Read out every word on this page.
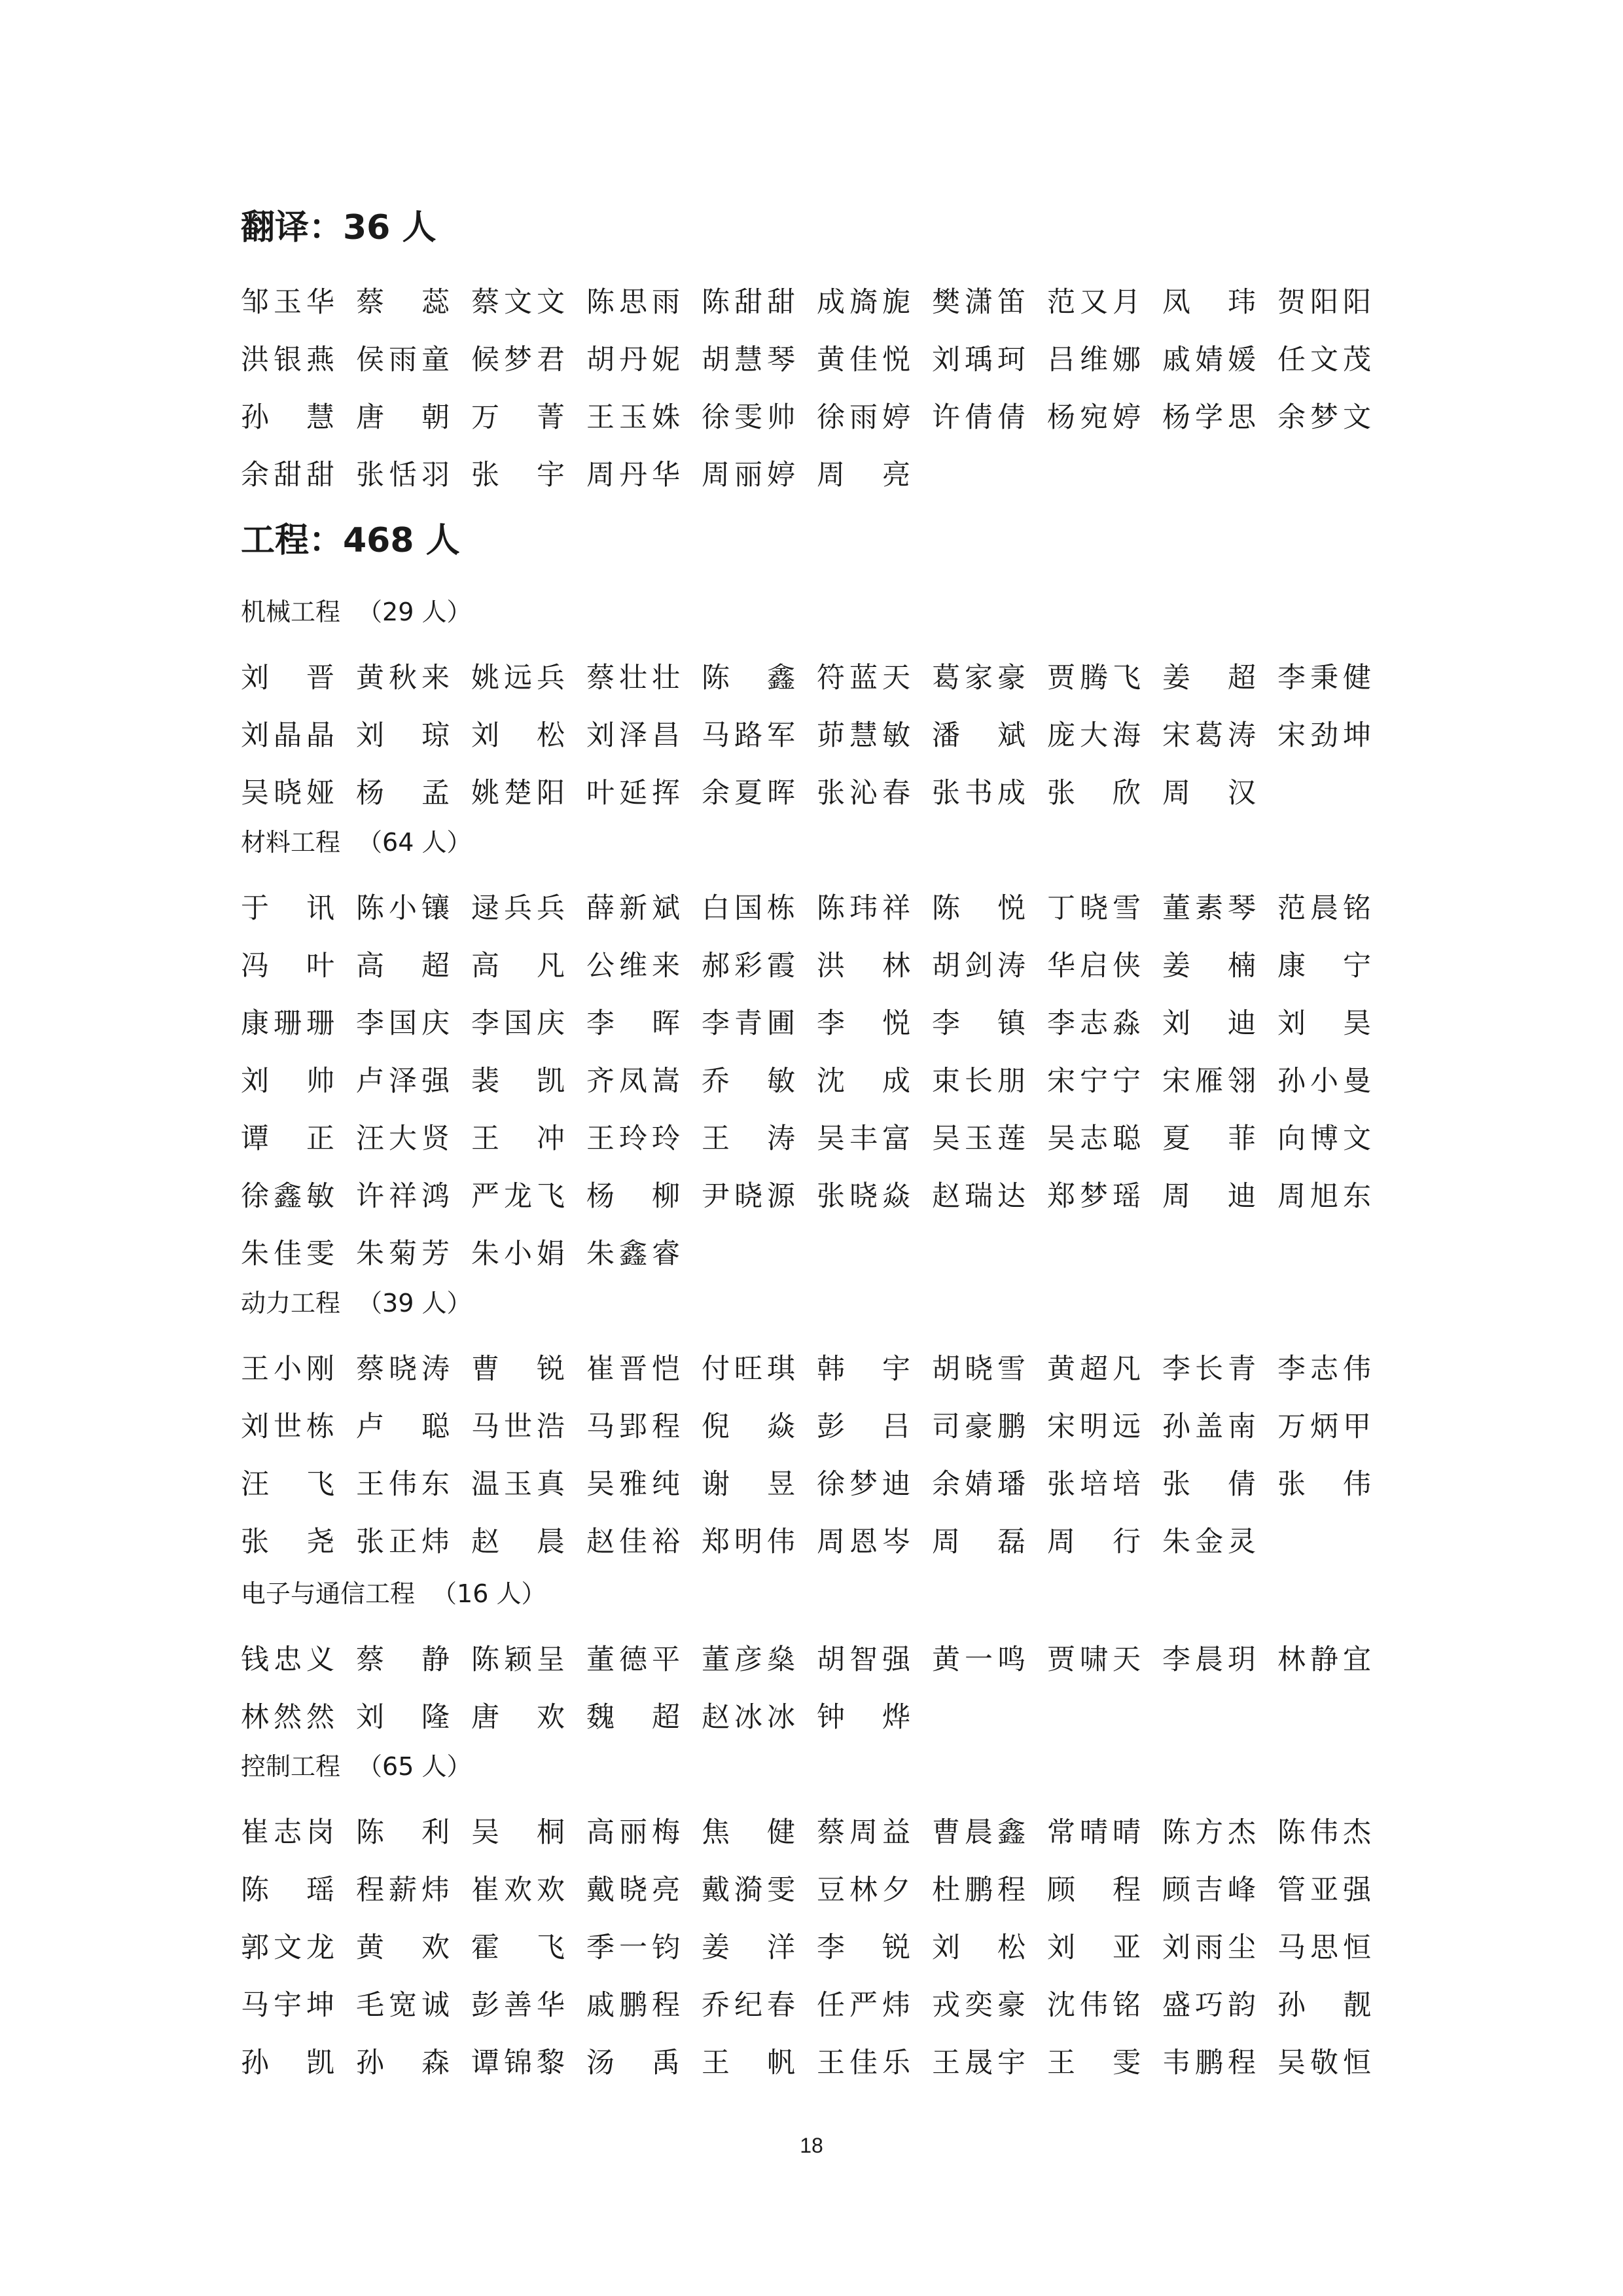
翻译：36 人
邹玉华 蔡 蕊 蔡文文 陈思雨 陈甜甜 成旖旎 樊潇笛 范又月 凤 玮 贺阳阳
洪银燕 侯雨童 候梦君 胡丹妮 胡慧琴 黄佳悦 刘瑀珂 吕维娜 戚婧媛 任文茂
孙 慧 唐 朝 万 菁 王玉姝 徐雯帅 徐雨婷 许倩倩 杨宛婷 杨学思 余梦文
余甜甜 张恬羽 张 宇 周丹华 周丽婷 周 亮
工程：468 人
机械工程 （29 人）
刘 晋 黄秋来 姚远兵 蔡壮壮 陈 鑫 符蓝天 葛家豪 贾腾飞 姜 超 李秉健
刘晶晶 刘 琼 刘 松 刘泽昌 马路军 茆慧敏 潘 斌 庞大海 宋葛涛 宋劲坤
吴晓娅 杨 孟 姚楚阳 叶延挥 余夏晖 张沁春 张书成 张 欣 周 汉
材料工程 （64 人）
于 讯 陈小镶 逯兵兵 薛新斌 白国栋 陈玮祥 陈 悦 丁晓雪 董素琴 范晨铭
冯 叶 高 超 高 凡 公维来 郝彩霞 洪 林 胡剑涛 华启侠 姜 楠 康 宁
康珊珊 李国庆 李国庆 李 晖 李青圃 李 悦 李 镇 李志淼 刘 迪 刘 昊
刘 帅 卢泽强 裴 凯 齐凤嵩 乔 敏 沈 成 束长朋 宋宁宁 宋雁翎 孙小曼
谭 正 汪大贤 王 冲 王玲玲 王 涛 吴丰富 吴玉莲 吴志聪 夏 菲 向博文
徐鑫敏 许祥鸿 严龙飞 杨 柳 尹晓源 张晓焱 赵瑞达 郑梦瑶 周 迪 周旭东
朱佳雯 朱菊芳 朱小娟 朱鑫睿
动力工程 （39 人）
王小刚 蔡晓涛 曹 锐 崔晋恺 付旺琪 韩 宇 胡晓雪 黄超凡 李长青 李志伟
刘世栋 卢 聪 马世浩 马郢程 倪 焱 彭 吕 司豪鹏 宋明远 孙盖南 万炳甲
汪 飞 王伟东 温玉真 吴雅纯 谢 昱 徐梦迪 余婧璠 张培培 张 倩 张 伟
张 尧 张正炜 赵 晨 赵佳裕 郑明伟 周恩岑 周 磊 周 行 朱金灵
电子与通信工程 （16 人）
钱忠义 蔡 静 陈颖呈 董德平 董彦燊 胡智强 黄一鸣 贾啸天 李晨玥 林静宜
林然然 刘 隆 唐 欢 魏 超 赵冰冰 钟 烨
控制工程 （65 人）
崔志岗 陈 利 吴 桐 高丽梅 焦 健 蔡周益 曹晨鑫 常晴晴 陈方杰 陈伟杰
陈 瑶 程薪炜 崔欢欢 戴晓亮 戴漪雯 豆林夕 杜鹏程 顾 程 顾吉峰 管亚强
郭文龙 黄 欢 霍 飞 季一钧 姜 洋 李 锐 刘 松 刘 亚 刘雨尘 马思恒
马宇坤 毛宽诚 彭善华 戚鹏程 乔纪春 任严炜 戎奕豪 沈伟铭 盛巧韵 孙 靓
孙 凯 孙 森 谭锦黎 汤 禹 王 帆 王佳乐 王晟宇 王 雯 韦鹏程 吴敬恒
18
